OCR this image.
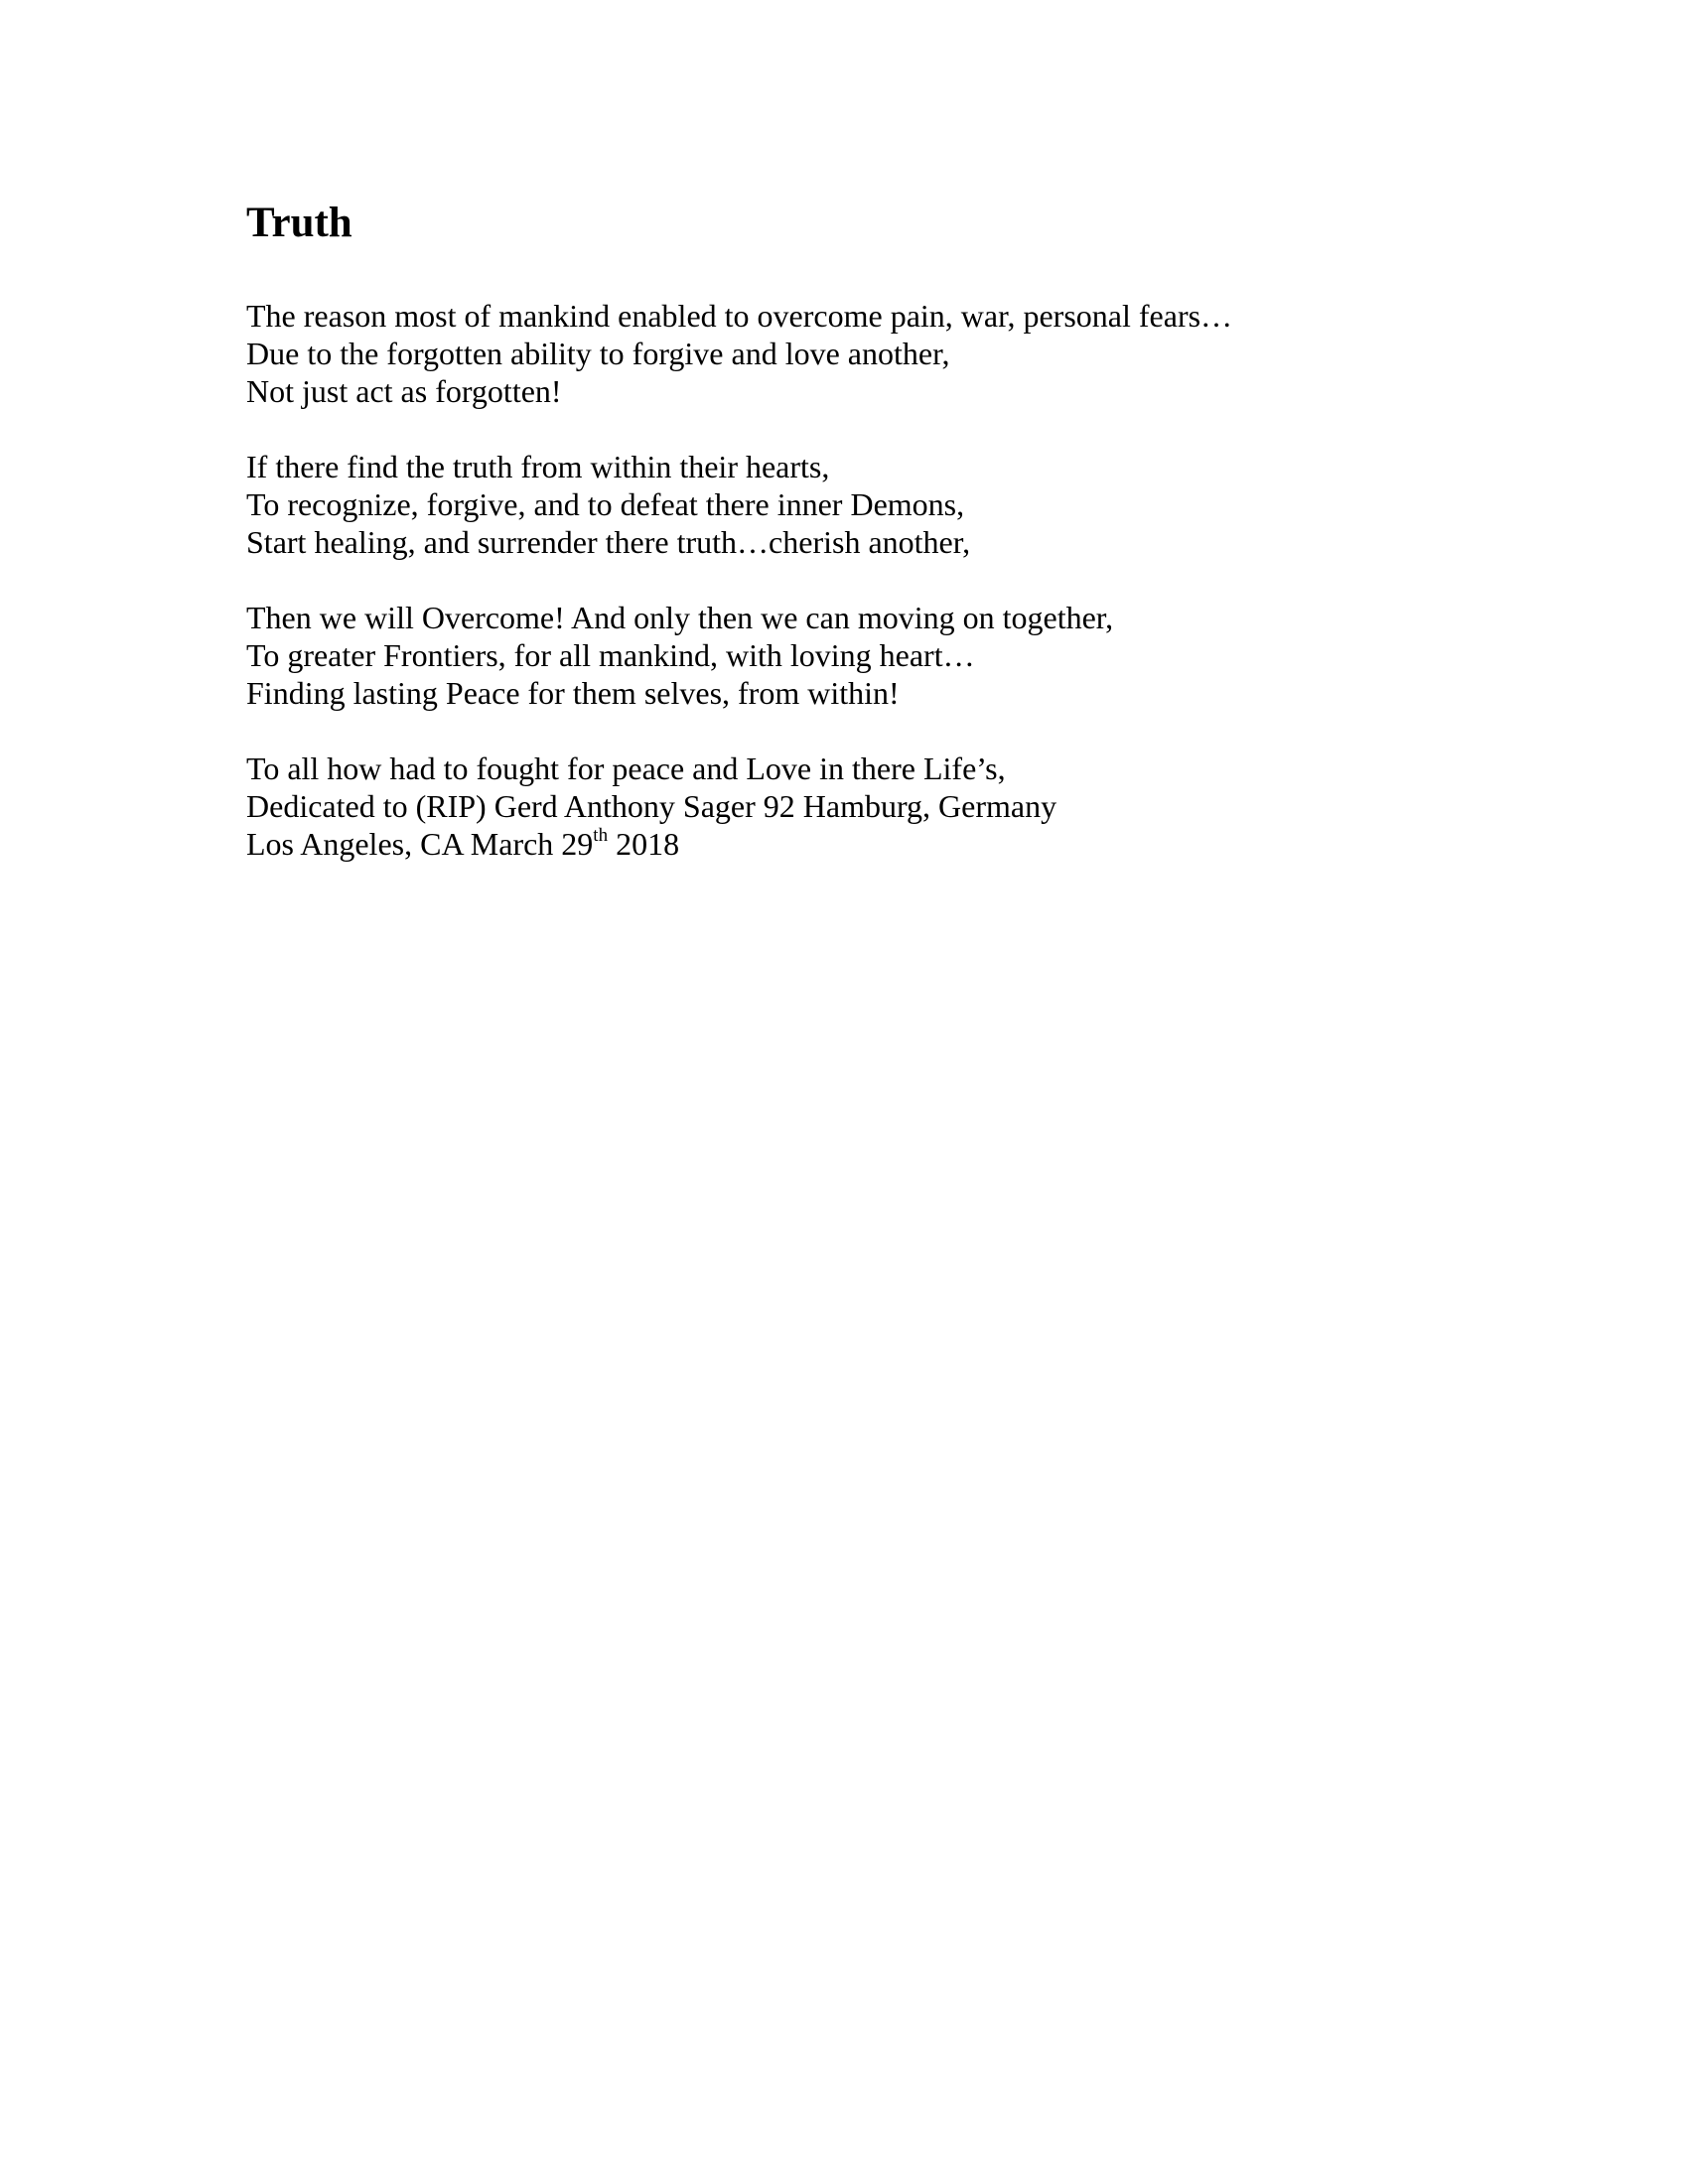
Truth
The reason most of mankind enabled to overcome pain, war, personal fears…
Due to the forgotten ability to forgive and love another,
Not just act as forgotten!
If there find the truth from within their hearts,
To recognize, forgive, and to defeat there inner Demons,
Start healing, and surrender there truth…cherish another,
Then we will Overcome! And only then we can moving on together,
To greater Frontiers, for all mankind, with loving heart…
Finding lasting Peace for them selves, from within!
To all how had to fought for peace and Love in there Life’s,
Dedicated to (RIP) Gerd Anthony Sager 92 Hamburg, Germany
Los Angeles, CA March 29th 2018
